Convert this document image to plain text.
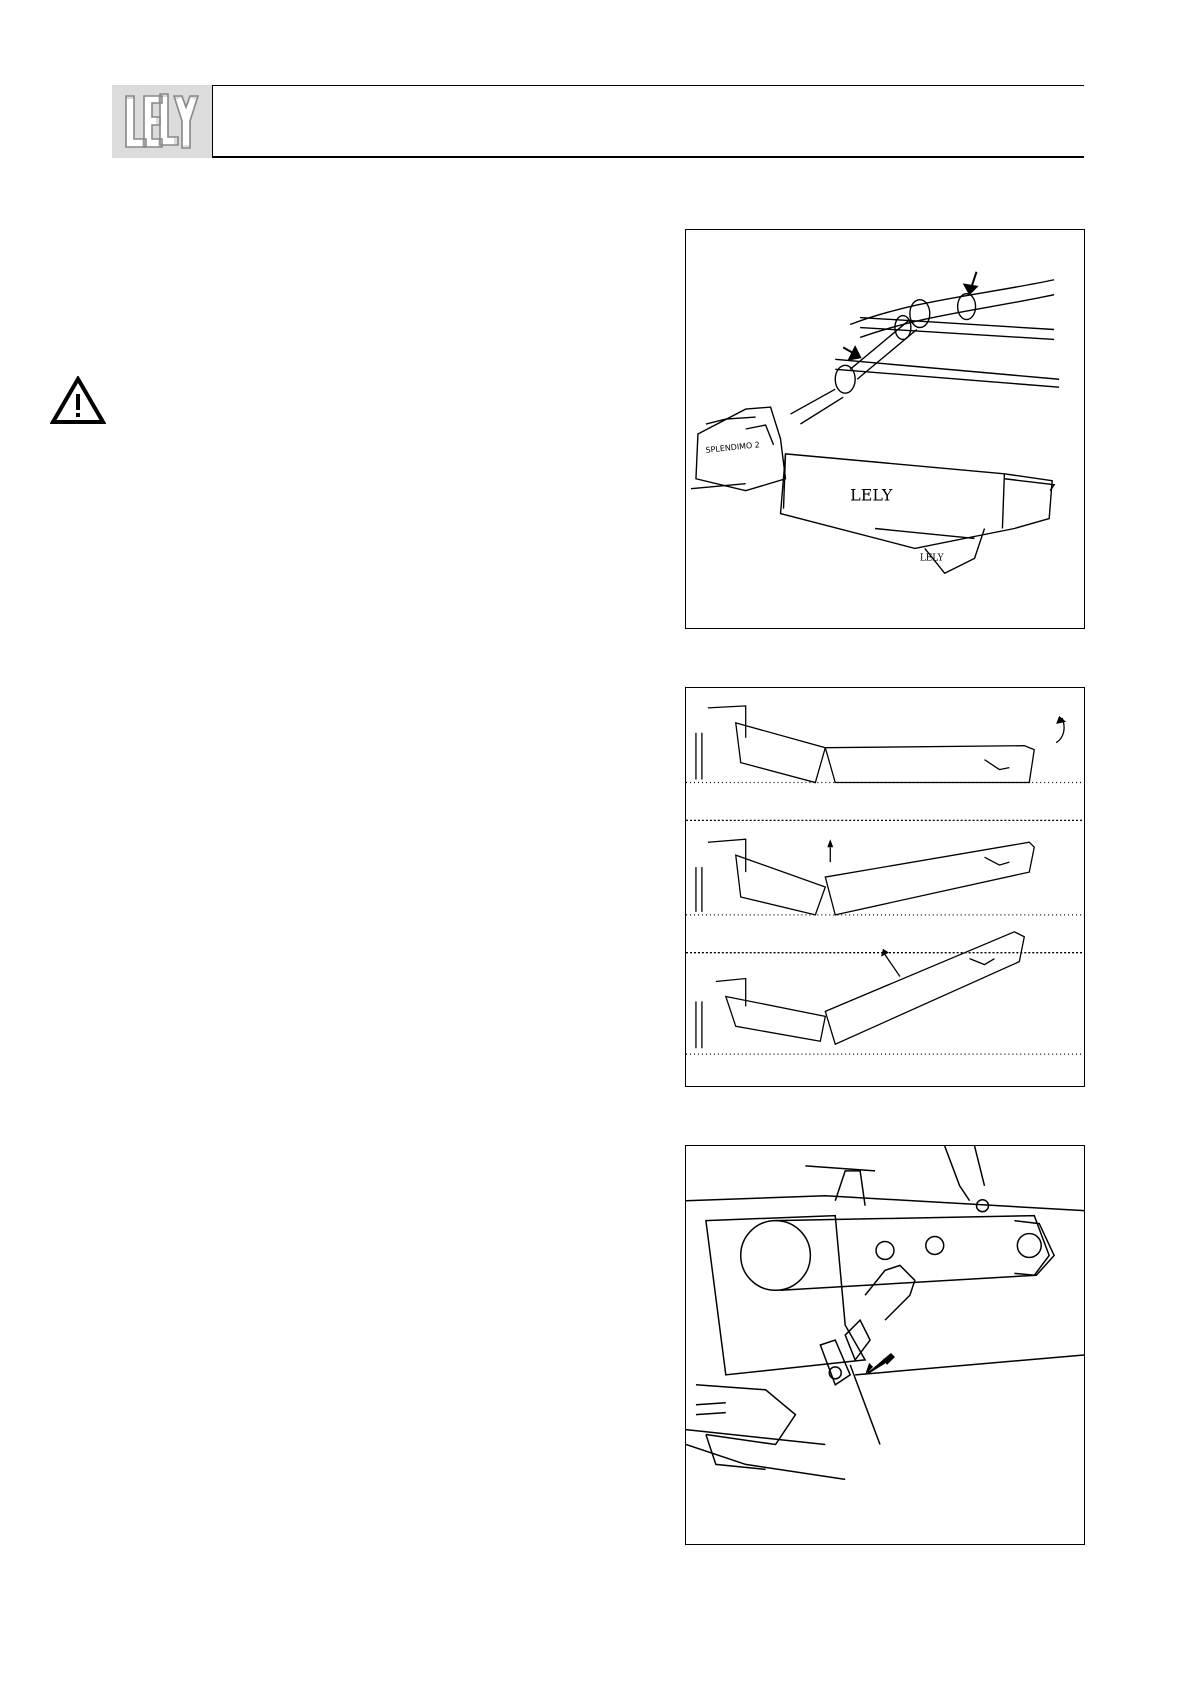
SPLENDIMO 2
LELY
LELY
